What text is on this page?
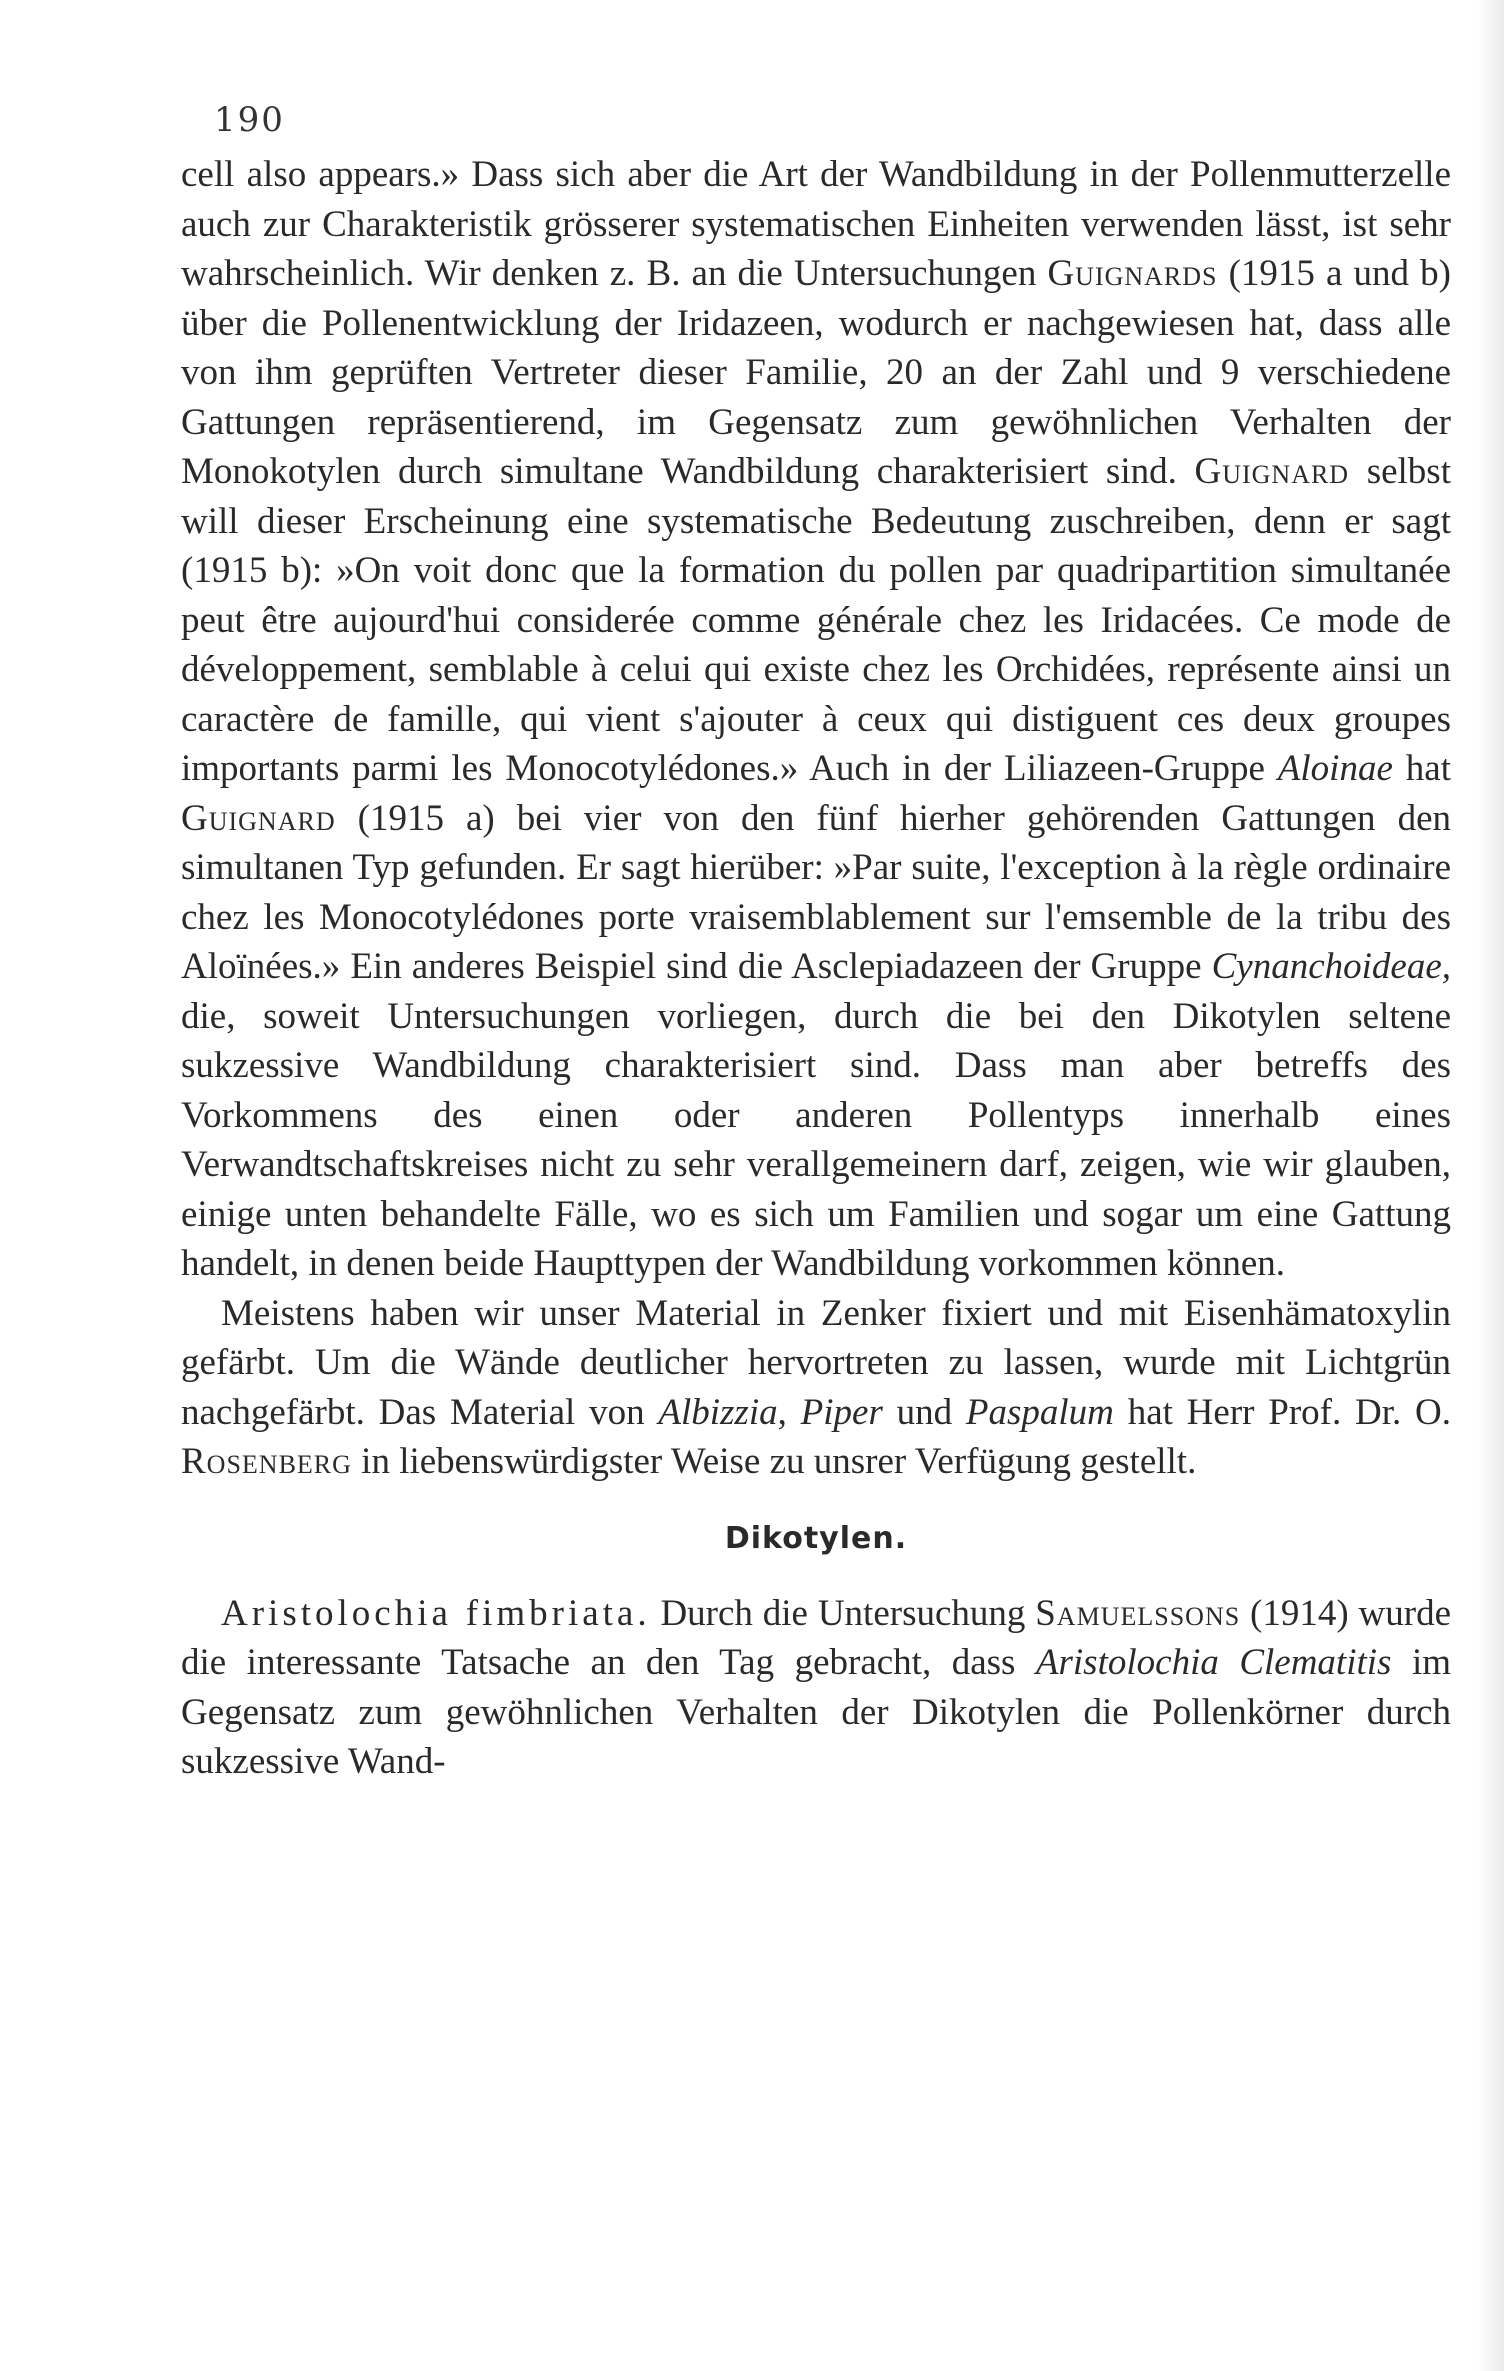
190

cell also appears.» Dass sich aber die Art der Wandbildung in der Pollenmutterzelle auch zur Charakteristik grösserer systematischen Einheiten verwenden lässt, ist sehr wahrscheinlich. Wir denken z. B. an die Untersuchungen Guignards (1915 a und b) über die Pollenentwicklung der Iridazeen, wodurch er nachgewiesen hat, dass alle von ihm geprüften Vertreter dieser Familie, 20 an der Zahl und 9 verschiedene Gattungen repräsentierend, im Gegensatz zum gewöhnlichen Verhalten der Monokotylen durch simultane Wandbildung charakterisiert sind. Guignard selbst will dieser Erscheinung eine systematische Bedeutung zuschreiben, denn er sagt (1915 b): »On voit donc que la formation du pollen par quadripartition simultanée peut être aujourd'hui considerée comme générale chez les Iridacées. Ce mode de développement, semblable à celui qui existe chez les Orchidées, représente ainsi un caractère de famille, qui vient s'ajouter à ceux qui distiguent ces deux groupes importants parmi les Monocotylédones.» Auch in der Liliazeen-Gruppe Aloinae hat Guignard (1915 a) bei vier von den fünf hierher gehörenden Gattungen den simultanen Typ gefunden. Er sagt hierüber: »Par suite, l'exception à la règle ordinaire chez les Monocotylédones porte vraisemblablement sur l'emsemble de la tribu des Aloïnées.» Ein anderes Beispiel sind die Asclepiadazeen der Gruppe Cynanchoideae, die, soweit Untersuchungen vorliegen, durch die bei den Dikotylen seltene sukzessive Wandbildung charakterisiert sind. Dass man aber betreffs des Vorkommens des einen oder anderen Pollentyps innerhalb eines Verwandtschaftskreises nicht zu sehr verallgemeinern darf, zeigen, wie wir glauben, einige unten behandelte Fälle, wo es sich um Familien und sogar um eine Gattung handelt, in denen beide Haupttypen der Wandbildung vorkommen können.

Meistens haben wir unser Material in Zenker fixiert und mit Eisenhämatoxylin gefärbt. Um die Wände deutlicher hervortreten zu lassen, wurde mit Lichtgrün nachgefärbt. Das Material von Albizzia, Piper und Paspalum hat Herr Prof. Dr. O. Rosenberg in liebenswürdigster Weise zu unsrer Verfügung gestellt.

Dikotylen.

Aristolochia fimbriata. Durch die Untersuchung Samuelssons (1914) wurde die interessante Tatsache an den Tag gebracht, dass Aristolochia Clematitis im Gegensatz zum gewöhnlichen Verhalten der Dikotylen die Pollenkörner durch sukzessive Wand-
